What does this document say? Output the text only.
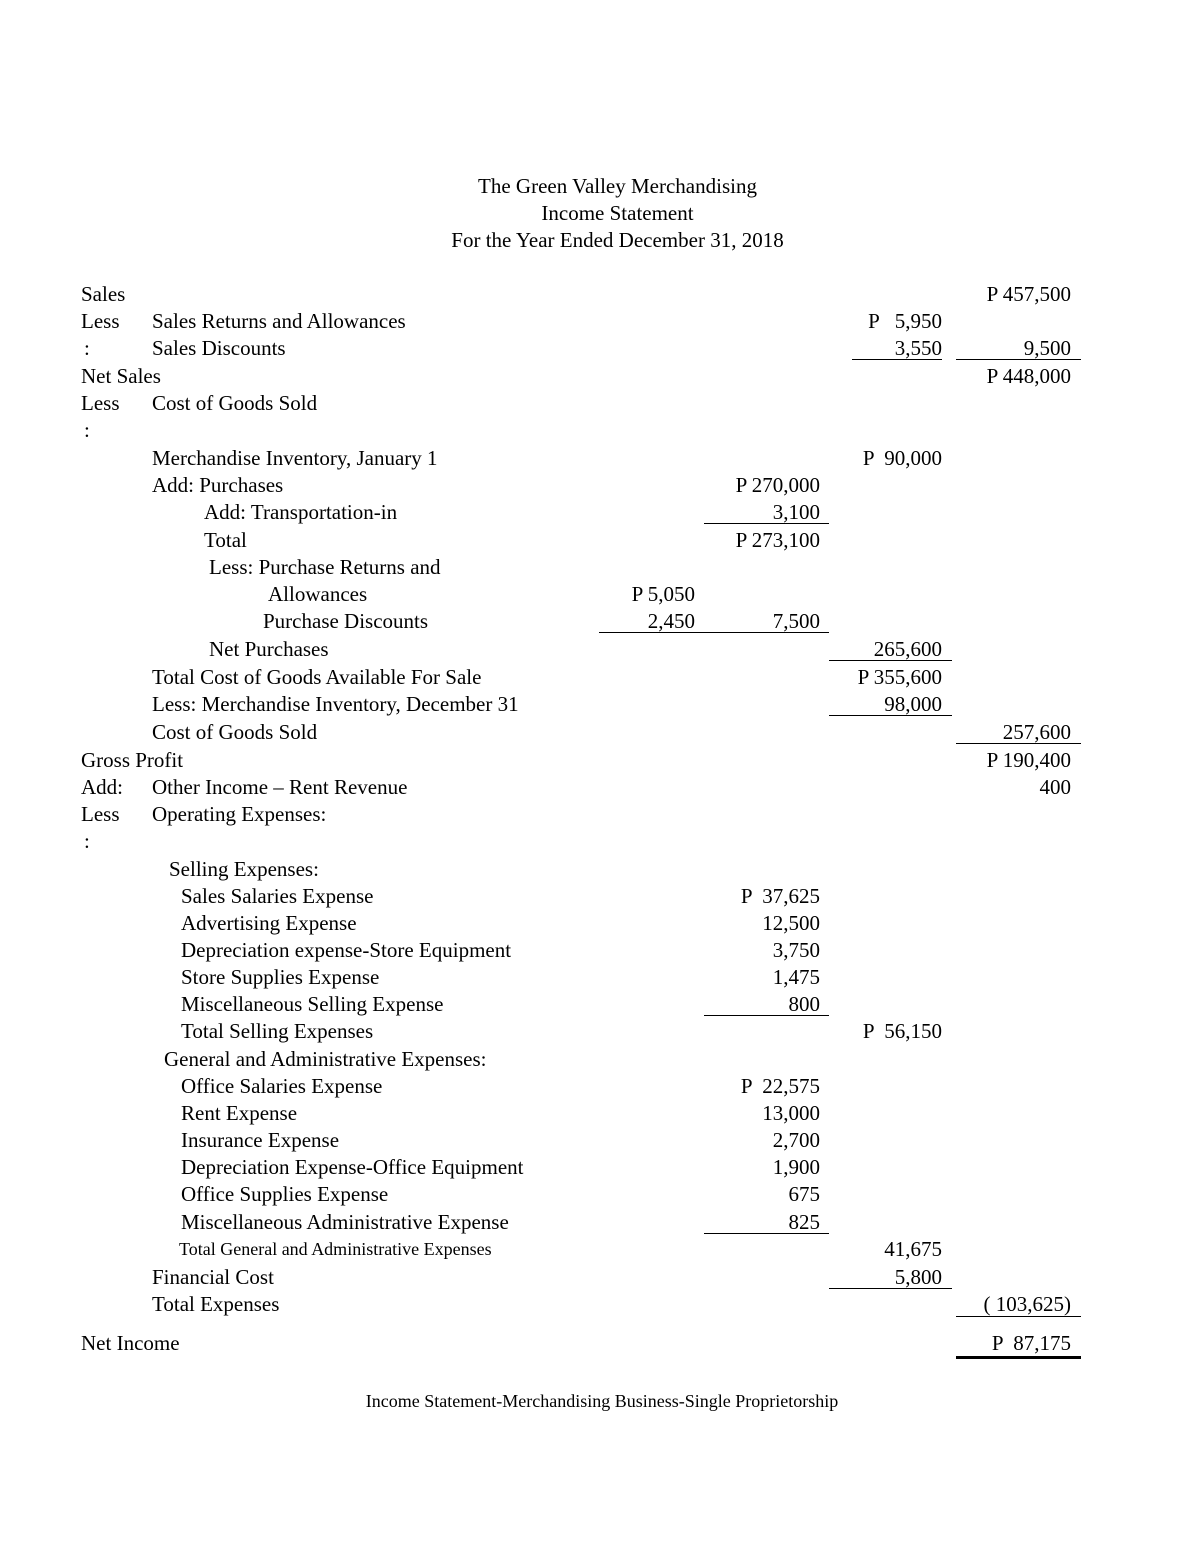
The Green Valley Merchandising
Income Statement
For the Year Ended December 31, 2018
Sales	P 457,500
Less Sales Returns and Allowances	P   5,950
:	Sales Discounts	3,550	9,500
Net Sales	P 448,000
Less Cost of Goods Sold
:
Merchandise Inventory, January 1	P  90,000
Add: Purchases	P 270,000
Add: Transportation-in	3,100
Total	P 273,100
Less: Purchase Returns and
Allowances	P 5,050
Purchase Discounts	2,450	7,500
Net Purchases	265,600
Total Cost of Goods Available For Sale	P 355,600
Less: Merchandise Inventory, December 31	98,000
Cost of Goods Sold	257,600
Gross Profit	P 190,400
Add: Other Income – Rent Revenue	400
Less Operating Expenses:
:
Selling Expenses:
Sales Salaries Expense	P  37,625
Advertising Expense	12,500
Depreciation expense-Store Equipment	3,750
Store Supplies Expense	1,475
Miscellaneous Selling Expense	800
Total Selling Expenses	P  56,150
General and Administrative Expenses:
Office Salaries Expense	P  22,575
Rent Expense	13,000
Insurance Expense	2,700
Depreciation Expense-Office Equipment	1,900
Office Supplies Expense	675
Miscellaneous Administrative Expense	825
Total General and Administrative Expenses	41,675
Financial Cost	5,800
Total Expenses	( 103,625)
Net Income	P  87,175
Income Statement-Merchandising Business-Single Proprietorship
